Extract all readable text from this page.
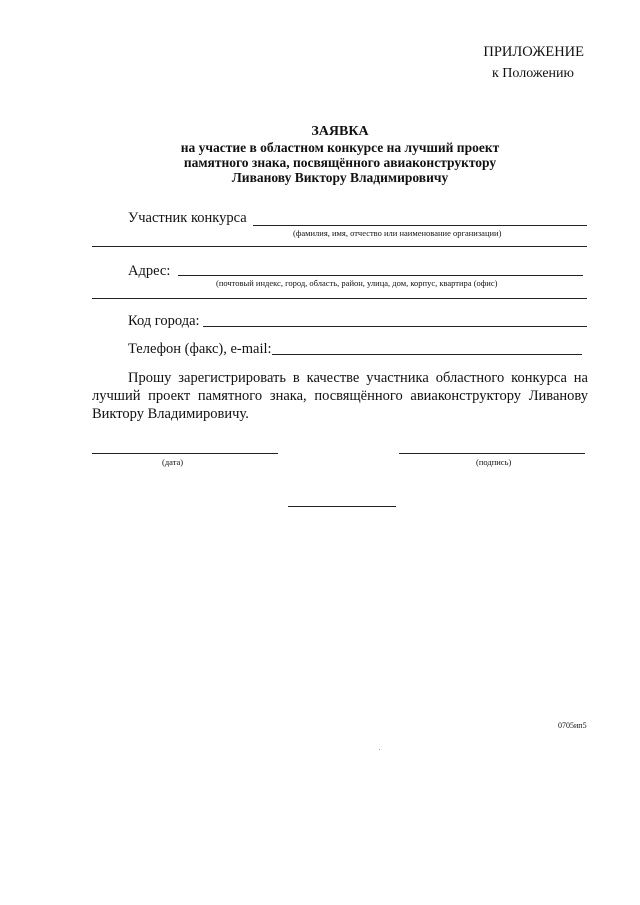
ПРИЛОЖЕНИЕ
к Положению
ЗАЯВКА
на участие в областном конкурсе на лучший проект
памятного знака, посвящённого авиаконструктору
Ливанову Виктору Владимировичу
Участник конкурса
(фамилия, имя, отчество или наименование организации)
Адрес:
(почтовый индекс, город, область, район, улица, дом, корпус, квартира (офис)
Код города:
Телефон (факс), e-mail:
Прошу зарегистрировать в качестве участника областного конкурса на
лучший проект памятного знака, посвящённого авиаконструктору Ливанову
Виктору Владимировичу.
(дата)	(подпись)
0705ип5
